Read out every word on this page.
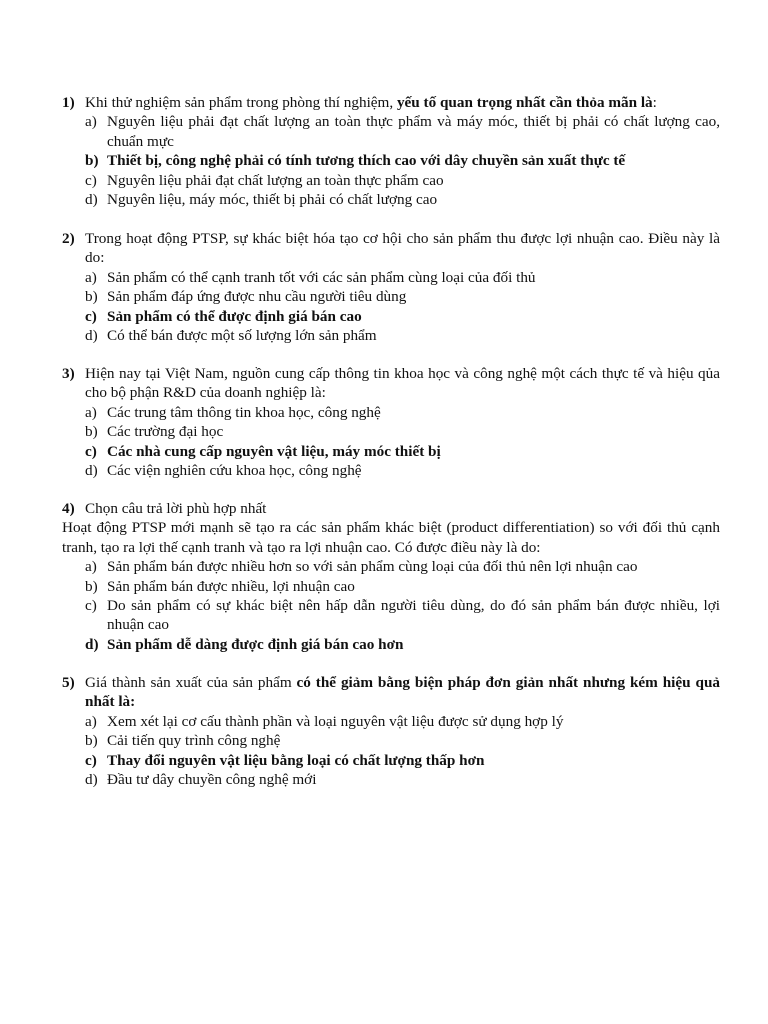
1) Khi thử nghiệm sản phẩm trong phòng thí nghiệm, yếu tố quan trọng nhất cần thỏa mãn là:
a) Nguyên liệu phải đạt chất lượng an toàn thực phẩm và máy móc, thiết bị phải có chất lượng cao, chuẩn mực
b) Thiết bị, công nghệ phải có tính tương thích cao với dây chuyền sản xuất thực tế
c) Nguyên liệu phải đạt chất lượng an toàn thực phẩm cao
d) Nguyên liệu, máy móc, thiết bị phải có chất lượng cao
2) Trong hoạt động PTSP, sự khác biệt hóa tạo cơ hội cho sản phẩm thu được lợi nhuận cao. Điều này là do:
a) Sản phẩm có thể cạnh tranh tốt với các sản phẩm cùng loại của đối thủ
b) Sản phẩm đáp ứng được nhu cầu người tiêu dùng
c) Sản phẩm có thể được định giá bán cao
d) Có thể bán được một số lượng lớn sản phẩm
3) Hiện nay tại Việt Nam, nguồn cung cấp thông tin khoa học và công nghệ một cách thực tế và hiệu qủa cho bộ phận R&D của doanh nghiệp là:
a) Các trung tâm thông tin khoa học, công nghệ
b) Các trường đại học
c) Các nhà cung cấp nguyên vật liệu, máy móc thiết bị
d) Các viện nghiên cứu khoa học, công nghệ
4) Chọn câu trả lời phù hợp nhất
Hoạt động PTSP mới mạnh sẽ tạo ra các sản phẩm khác biệt (product differentiation) so với đối thủ cạnh tranh, tạo ra lợi thế cạnh tranh và tạo ra lợi nhuận cao. Có được điều này là do:
a) Sản phẩm bán được nhiều hơn so với sản phẩm cùng loại của đối thủ nên lợi nhuận cao
b) Sản phẩm bán được nhiều, lợi nhuận cao
c) Do sản phẩm có sự khác biệt nên hấp dẫn người tiêu dùng, do đó sản phẩm bán được nhiều, lợi nhuận cao
d) Sản phẩm dễ dàng được định giá bán cao hơn
5) Giá thành sản xuất của sản phẩm có thể giảm bằng biện pháp đơn giản nhất nhưng kém hiệu quả nhất là:
a) Xem xét lại cơ cấu thành phần và loại nguyên vật liệu được sử dụng hợp lý
b) Cải tiến quy trình công nghệ
c) Thay đổi nguyên vật liệu bằng loại có chất lượng thấp hơn
d) Đầu tư dây chuyền công nghệ mới
